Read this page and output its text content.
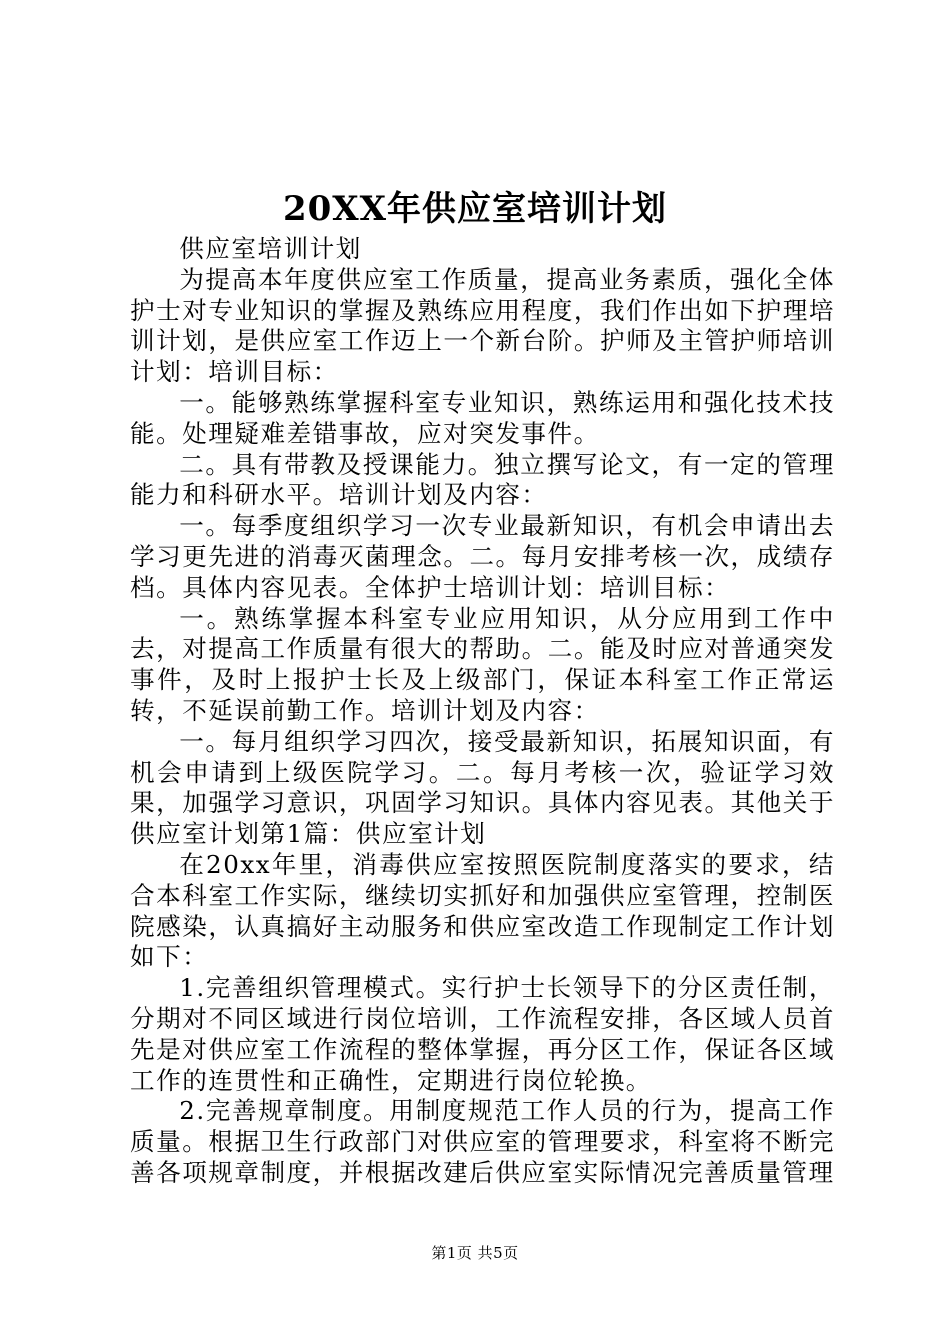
20XX年供应室培训计划

供应室培训计划

为提高本年度供应室工作质量，提高业务素质，强化全体护士对专业知识的掌握及熟练应用程度，我们作出如下护理培训计划，是供应室工作迈上一个新台阶。护师及主管护师培训计划：培训目标：

一。能够熟练掌握科室专业知识，熟练运用和强化技术技能。处理疑难差错事故，应对突发事件。

二。具有带教及授课能力。独立撰写论文，有一定的管理能力和科研水平。培训计划及内容：

一。每季度组织学习一次专业最新知识，有机会申请出去学习更先进的消毒灭菌理念。二。每月安排考核一次，成绩存档。具体内容见表。全体护士培训计划：培训目标：

一。熟练掌握本科室专业应用知识，从分应用到工作中去，对提高工作质量有很大的帮助。二。能及时应对普通突发事件，及时上报护士长及上级部门，保证本科室工作正常运转，不延误前勤工作。培训计划及内容：

一。每月组织学习四次，接受最新知识，拓展知识面，有机会申请到上级医院学习。二。每月考核一次，验证学习效果，加强学习意识，巩固学习知识。具体内容见表。其他关于供应室计划第1篇：供应室计划

在20xx年里，消毒供应室按照医院制度落实的要求，结合本科室工作实际，继续切实抓好和加强供应室管理，控制医院感染，认真搞好主动服务和供应室改造工作现制定工作计划如下：

1.完善组织管理模式。实行护士长领导下的分区责任制，分期对不同区域进行岗位培训，工作流程安排，各区域人员首先是对供应室工作流程的整体掌握，再分区工作，保证各区域工作的连贯性和正确性，定期进行岗位轮换。

2.完善规章制度。用制度规范工作人员的行为，提高工作质量。根据卫生行政部门对供应室的管理要求，科室将不断完善各项规章制度，并根据改建后供应室实际情况完善质量管理

第1页 共5页
